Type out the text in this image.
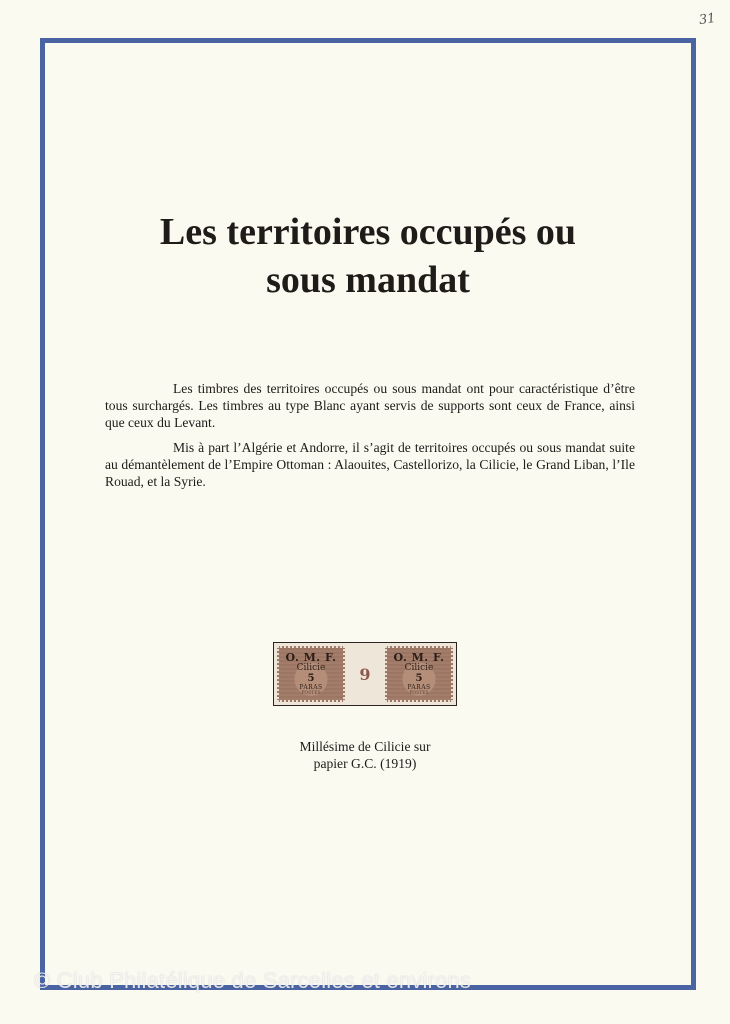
31
Les territoires occupés ou
sous mandat

Les timbres des territoires occupés ou sous mandat ont pour caractéristique d’être tous surchargés. Les timbres au type Blanc ayant servis de supports sont ceux de France, ainsi que ceux du Levant.

Mis à part l’Algérie et Andorre, il s’agit de territoires occupés ou sous mandat suite au démantèlement de l’Empire Ottoman : Alaouites, Castellorizo, la Cilicie, le Grand Liban, l’Ile Rouad, et la Syrie.

O. M. F.
Cilicie
5
PARAS
POSTES
9
O. M. F.
Cilicie
5
PARAS
POSTES
Millésime de Cilicie sur
papier G.C. (1919)
© Club Philatélique de Sarcelles et environs
